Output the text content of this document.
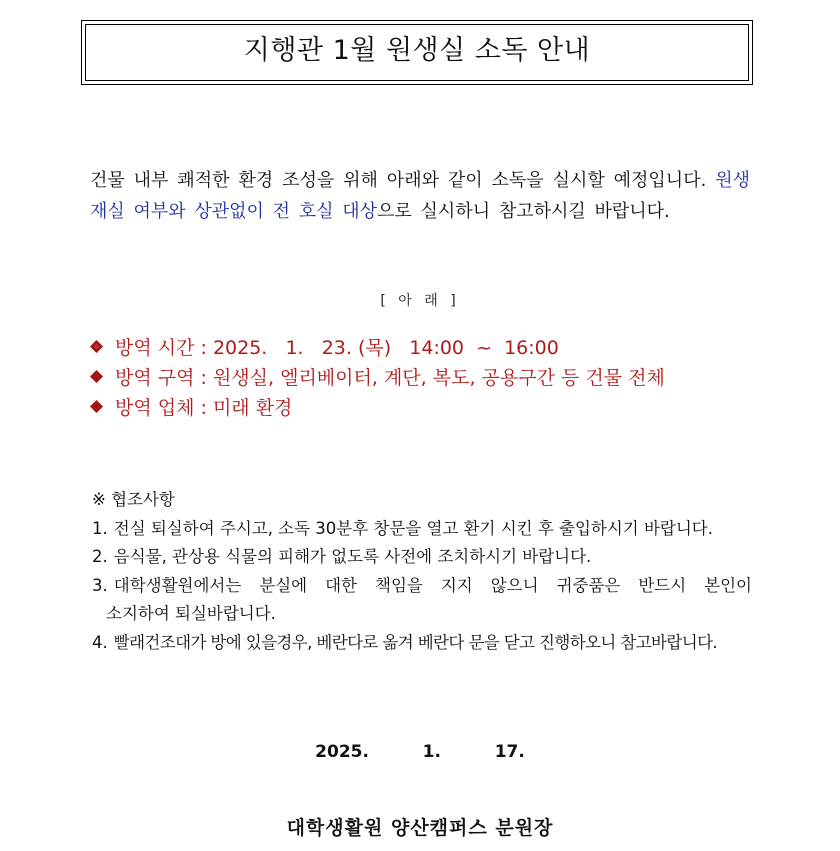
지행관 1월 원생실 소독 안내
건물 내부 쾌적한 환경 조성을 위해 아래와 같이 소독을 실시할 예정입니다. 원생 재실 여부와 상관없이 전 호실 대상으로 실시하니 참고하시길 바랍니다.
[ 아 래 ]
방역 시간 : 2025.   1.   23. (목)   14:00  ~  16:00
방역 구역 : 원생실, 엘리베이터, 계단, 복도, 공용구간 등 건물 전체
방역 업체 : 미래 환경
※ 협조사항
1. 전실 퇴실하여 주시고, 소독 30분후 창문을 열고 환기 시킨 후 출입하시기 바랍니다.
2. 음식물, 관상용 식물의 피해가 없도록 사전에 조치하시기 바랍니다.
3. 대학생활원에서는 분실에 대한 책임을 지지 않으니 귀중품은 반드시 본인이
소지하여 퇴실바랍니다.
4. 빨래건조대가 방에 있을경우, 베란다로 옮겨 베란다 문을 닫고 진행하오니 참고바랍니다.
2025.   1.   17.
대학생활원 양산캠퍼스 분원장
